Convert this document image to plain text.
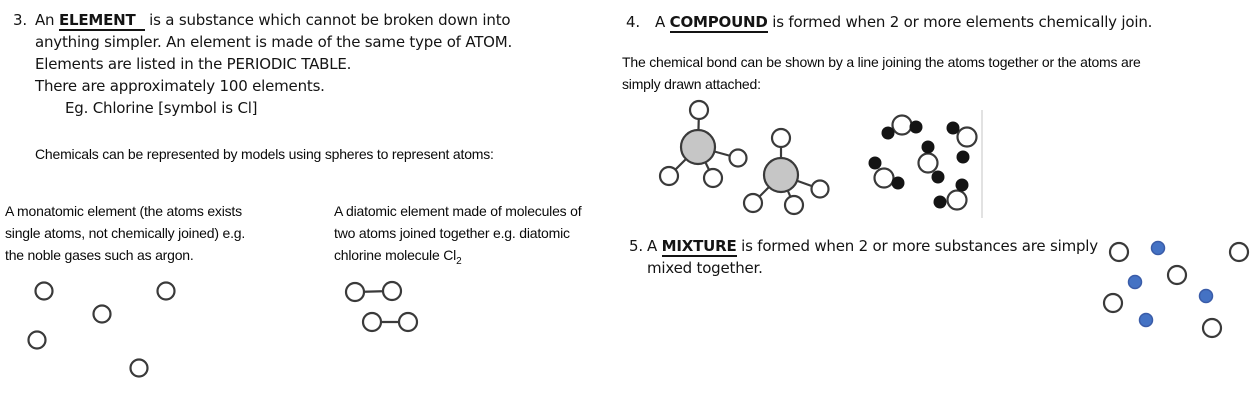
3. An ELEMENT is a substance which cannot be broken down into
anything simpler. An element is made of the same type of ATOM.
Elements are listed in the PERIODIC TABLE.
There are approximately 100 elements.
Eg. Chlorine [symbol is Cl]
Chemicals can be represented by models using spheres to represent atoms:
A monatomic element (the atoms exists
single atoms, not chemically joined) e.g.
the noble gases such as argon.
A diatomic element made of molecules of
two atoms joined together e.g. diatomic
chlorine molecule $Cl_2$
4. A COMPOUND is formed when 2 or more elements chemically join.
The chemical bond can be shown by a line joining the atoms together or the atoms are
simply drawn attached:
5. A MIXTURE is formed when 2 or more substances are simply
mixed together.
